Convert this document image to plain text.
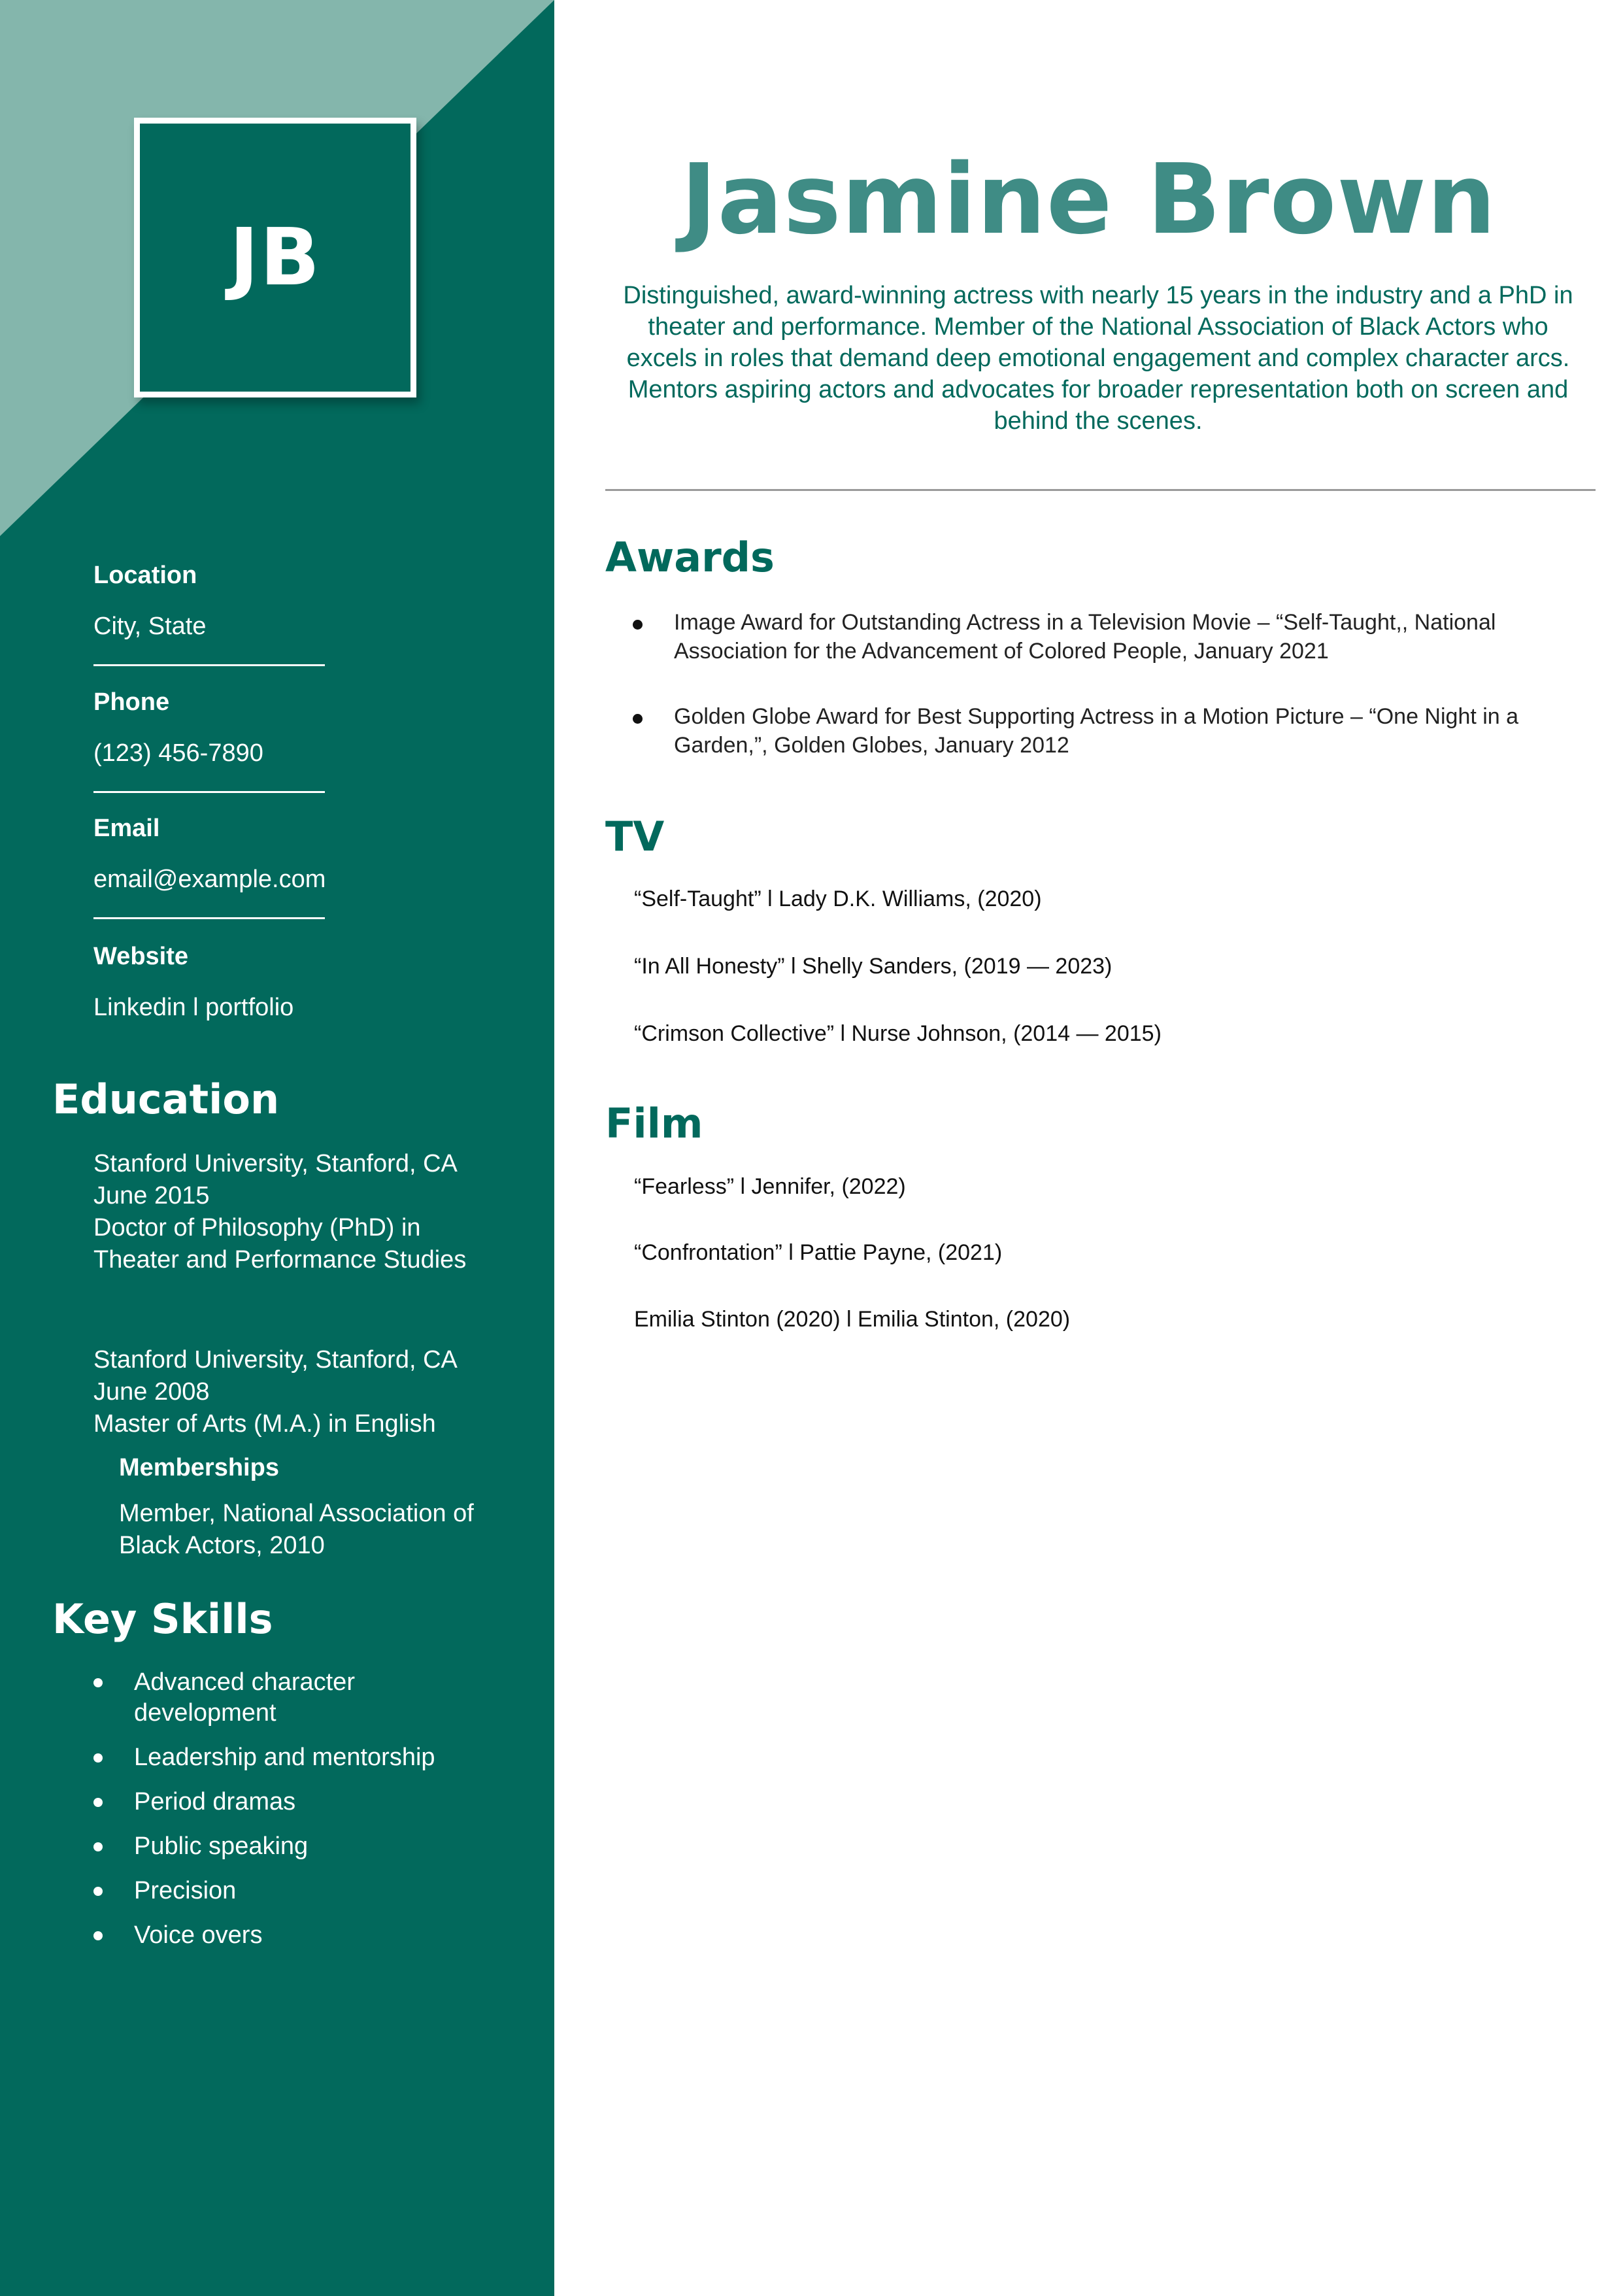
JB
Location
City, State
Phone
(123) 456-7890
Email
email@example.com
Website
Linkedin l portfolio
Education
Stanford University, Stanford, CA
June 2015
Doctor of Philosophy (PhD) in
Theater and Performance Studies
Stanford University, Stanford, CA
June 2008
Master of Arts (M.A.) in English
Memberships
Member, National Association of
Black Actors, 2010
Key Skills
Advanced character development
Leadership and mentorship
Period dramas
Public speaking
Precision
Voice overs
Jasmine Brown
Distinguished, award-winning actress with nearly 15 years in the industry and a PhD in theater and performance. Member of the National Association of Black Actors who excels in roles that demand deep emotional engagement and complex character arcs. Mentors aspiring actors and advocates for broader representation both on screen and behind the scenes.
Awards
Image Award for Outstanding Actress in a Television Movie – “Self-Taught,, National Association for the Advancement of Colored People, January 2021
Golden Globe Award for Best Supporting Actress in a Motion Picture – “One Night in a Garden,”, Golden Globes, January 2012
TV
“Self-Taught” l Lady D.K. Williams, (2020)
“In All Honesty” l Shelly Sanders, (2019 — 2023)
“Crimson Collective” l Nurse Johnson, (2014 — 2015)
Film
“Fearless” l Jennifer, (2022)
“Confrontation” l Pattie Payne, (2021)
Emilia Stinton (2020) l Emilia Stinton, (2020)
